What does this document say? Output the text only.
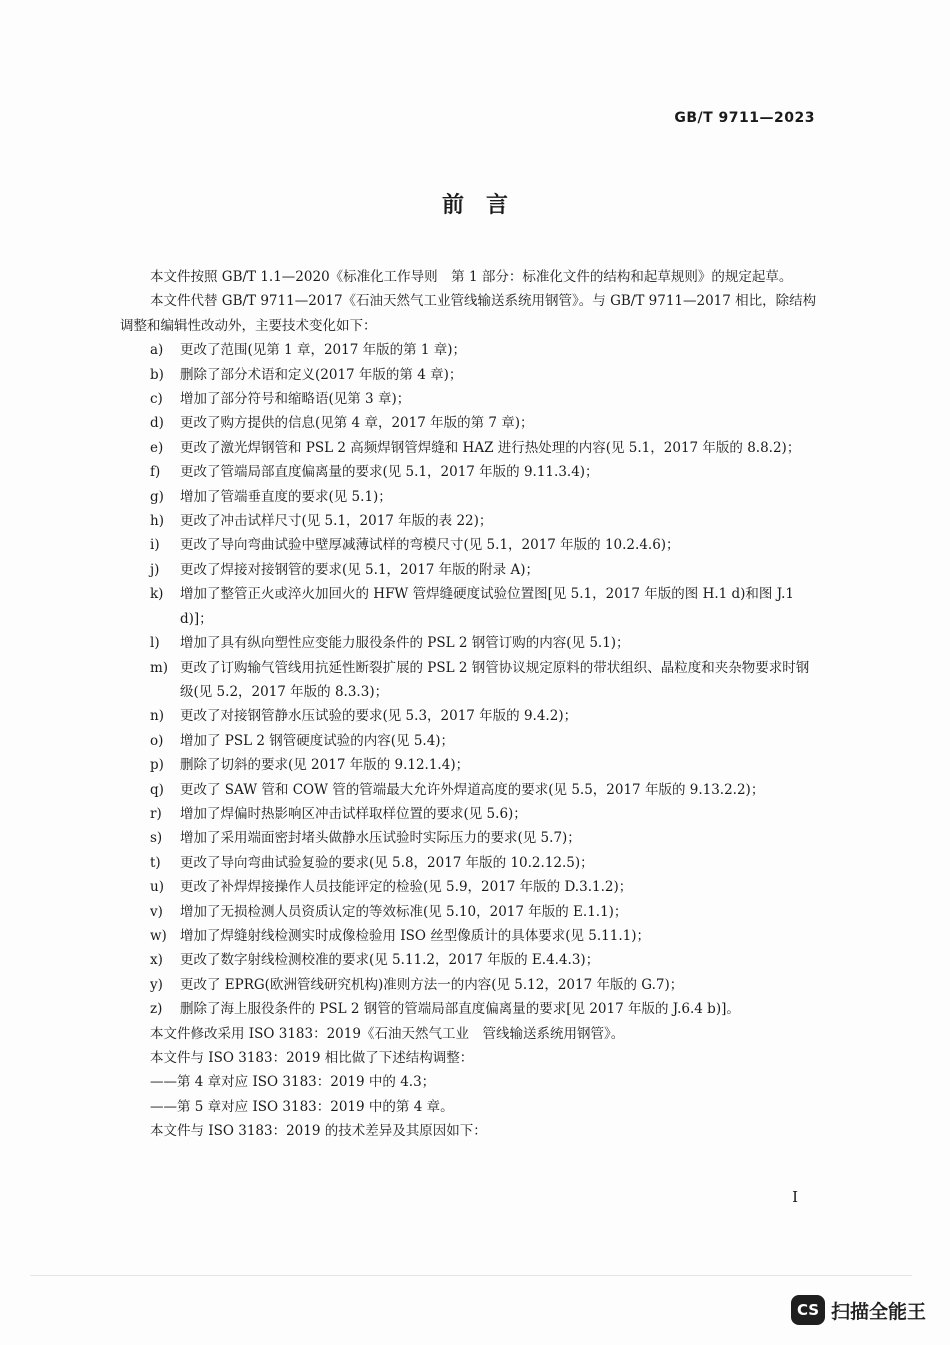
GB/T 9711—2023
前　言

本文件按照 GB/T 1.1—2020《标准化工作导则　第 1 部分：标准化文件的结构和起草规则》的规定起草。

本文件代替 GB/T 9711—2017《石油天然气工业管线输送系统用钢管》。与 GB/T 9711—2017 相比，除结构调整和编辑性改动外，主要技术变化如下：

a)	更改了范围(见第 1 章，2017 年版的第 1 章)；
b)	删除了部分术语和定义(2017 年版的第 4 章)；
c)	增加了部分符号和缩略语(见第 3 章)；
d)	更改了购方提供的信息(见第 4 章，2017 年版的第 7 章)；
e)	更改了激光焊钢管和 PSL 2 高频焊钢管焊缝和 HAZ 进行热处理的内容(见 5.1，2017 年版的 8.8.2)；
f)	更改了管端局部直度偏离量的要求(见 5.1，2017 年版的 9.11.3.4)；
g)	增加了管端垂直度的要求(见 5.1)；
h)	更改了冲击试样尺寸(见 5.1，2017 年版的表 22)；
i)	更改了导向弯曲试验中壁厚减薄试样的弯模尺寸(见 5.1，2017 年版的 10.2.4.6)；
j)	更改了焊接对接钢管的要求(见 5.1，2017 年版的附录 A)；
k)	增加了整管正火或淬火加回火的 HFW 管焊缝硬度试验位置图[见 5.1，2017 年版的图 H.1 d)和图 J.1 d)]；
l)	增加了具有纵向塑性应变能力服役条件的 PSL 2 钢管订购的内容(见 5.1)；
m) 更改了订购输气管线用抗延性断裂扩展的 PSL 2 钢管协议规定原料的带状组织、晶粒度和夹杂物要求时钢级(见 5.2，2017 年版的 8.3.3)；
n)	更改了对接钢管静水压试验的要求(见 5.3，2017 年版的 9.4.2)；
o)	增加了 PSL 2 钢管硬度试验的内容(见 5.4)；
p)	删除了切斜的要求(见 2017 年版的 9.12.1.4)；
q)	更改了 SAW 管和 COW 管的管端最大允许外焊道高度的要求(见 5.5，2017 年版的 9.13.2.2)；
r)	增加了焊偏时热影响区冲击试样取样位置的要求(见 5.6)；
s)	增加了采用端面密封堵头做静水压试验时实际压力的要求(见 5.7)；
t)	更改了导向弯曲试验复验的要求(见 5.8，2017 年版的 10.2.12.5)；
u)	更改了补焊焊接操作人员技能评定的检验(见 5.9，2017 年版的 D.3.1.2)；
v)	增加了无损检测人员资质认定的等效标准(见 5.10，2017 年版的 E.1.1)；
w) 增加了焊缝射线检测实时成像检验用 ISO 丝型像质计的具体要求(见 5.11.1)；
x)	更改了数字射线检测校准的要求(见 5.11.2，2017 年版的 E.4.4.3)；
y)	更改了 EPRG(欧洲管线研究机构)准则方法一的内容(见 5.12，2017 年版的 G.7)；
z)	删除了海上服役条件的 PSL 2 钢管的管端局部直度偏离量的要求[见 2017 年版的 J.6.4 b)]。

本文件修改采用 ISO 3183：2019《石油天然气工业　管线输送系统用钢管》。

本文件与 ISO 3183：2019 相比做了下述结构调整：

——第 4 章对应 ISO 3183：2019 中的 4.3；

——第 5 章对应 ISO 3183：2019 中的第 4 章。

本文件与 ISO 3183：2019 的技术差异及其原因如下：

I
CS 扫描全能王
